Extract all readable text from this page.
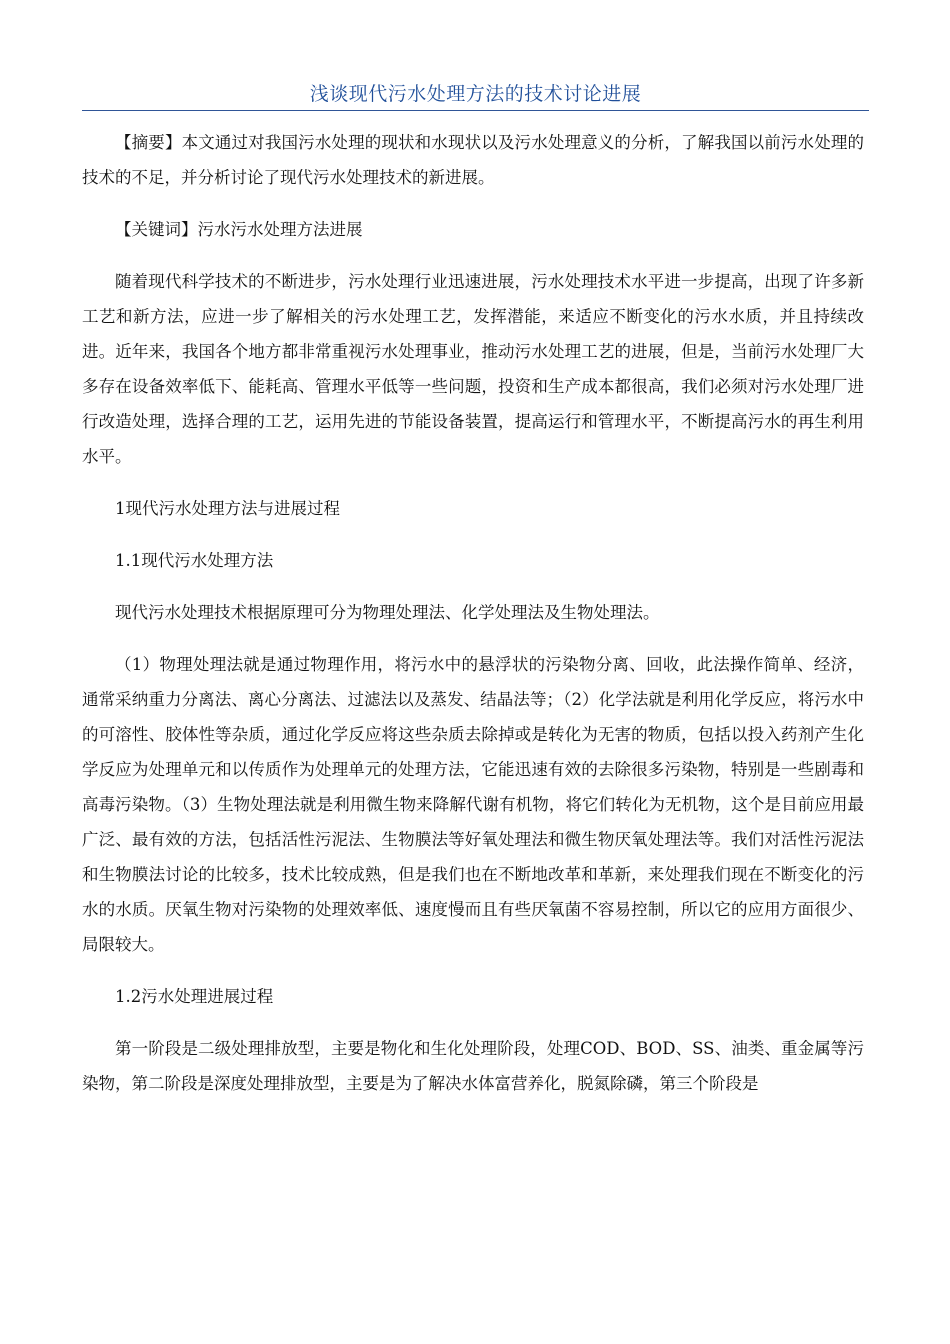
浅谈现代污水处理方法的技术讨论进展

【摘要】本文通过对我国污水处理的现状和水现状以及污水处理意义的分析，了解我国以前污水处理的技术的不足，并分析讨论了现代污水处理技术的新进展。

【关键词】污水污水处理方法进展

随着现代科学技术的不断进步，污水处理行业迅速进展，污水处理技术水平进一步提高，出现了许多新工艺和新方法，应进一步了解相关的污水处理工艺，发挥潜能，来适应不断变化的污水水质，并且持续改进。近年来，我国各个地方都非常重视污水处理事业，推动污水处理工艺的进展，但是，当前污水处理厂大多存在设备效率低下、能耗高、管理水平低等一些问题，投资和生产成本都很高，我们必须对污水处理厂进行改造处理，选择合理的工艺，运用先进的节能设备装置，提高运行和管理水平，不断提高污水的再生利用水平。

1现代污水处理方法与进展过程

1.1现代污水处理方法

现代污水处理技术根据原理可分为物理处理法、化学处理法及生物处理法。

（1）物理处理法就是通过物理作用，将污水中的悬浮状的污染物分离、回收，此法操作简单、经济，通常采纳重力分离法、离心分离法、过滤法以及蒸发、结晶法等；（2）化学法就是利用化学反应，将污水中的可溶性、胶体性等杂质，通过化学反应将这些杂质去除掉或是转化为无害的物质，包括以投入药剂产生化学反应为处理单元和以传质作为处理单元的处理方法，它能迅速有效的去除很多污染物，特别是一些剧毒和高毒污染物。（3）生物处理法就是利用微生物来降解代谢有机物，将它们转化为无机物，这个是目前应用最广泛、最有效的方法，包括活性污泥法、生物膜法等好氧处理法和微生物厌氧处理法等。我们对活性污泥法和生物膜法讨论的比较多，技术比较成熟，但是我们也在不断地改革和革新，来处理我们现在不断变化的污水的水质。厌氧生物对污染物的处理效率低、速度慢而且有些厌氧菌不容易控制，所以它的应用方面很少、局限较大。

1.2污水处理进展过程

第一阶段是二级处理排放型，主要是物化和生化处理阶段，处理COD、BOD、SS、油类、重金属等污染物，第二阶段是深度处理排放型，主要是为了解决水体富营养化，脱氮除磷，第三个阶段是
